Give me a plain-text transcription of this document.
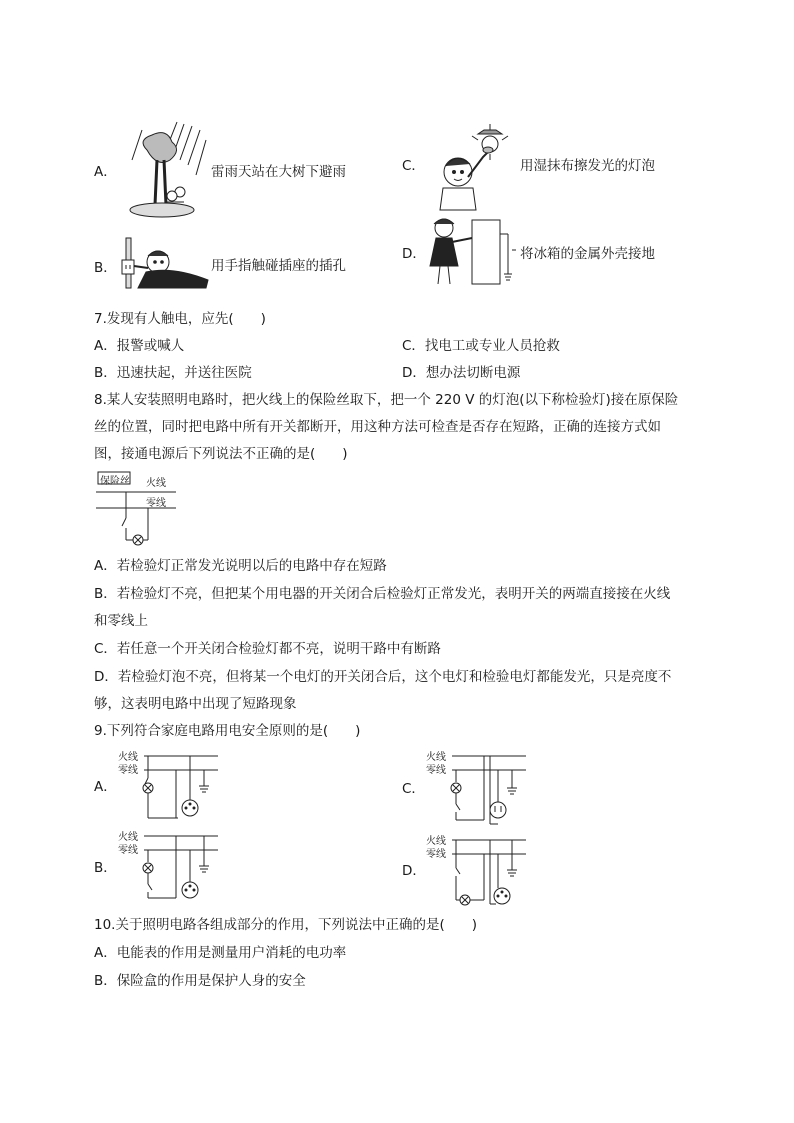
A．	雷雨天站在大树下避雨	C．	用湿抹布擦发光的灯泡
B．	用手指触碰插座的插孔
D．	将冰箱的金属外壳接地
7.发现有人触电，应先(　　)
A．报警或喊人	C．找电工或专业人员抢救
B．迅速扶起，并送往医院	D．想办法切断电源
8.某人安装照明电路时，把火线上的保险丝取下，把一个 220 V 的灯泡(以下称检验灯)接在原保险
丝的位置，同时把电路中所有开关都断开，用这种方法可检查是否存在短路，正确的连接方式如
图，接通电源后下列说法不正确的是(　　)
保险丝 火线
零线
A．若检验灯正常发光说明以后的电路中存在短路
B．若检验灯不亮，但把某个用电器的开关闭合后检验灯正常发光，表明开关的两端直接接在火线
和零线上
C．若任意一个开关闭合检验灯都不亮，说明干路中有断路
D．若检验灯泡不亮，但将某一个电灯的开关闭合后，这个电灯和检验电灯都能发光，只是亮度不
够，这表明电路中出现了短路现象
9.下列符合家庭电路用电安全原则的是(　　)
A．
火线
零线
C．
火线
零线
B．
火线
零线
D．
火线
零线
10.关于照明电路各组成部分的作用，下列说法中正确的是(　　)
A．电能表的作用是测量用户消耗的电功率
B．保险盒的作用是保护人身的安全
